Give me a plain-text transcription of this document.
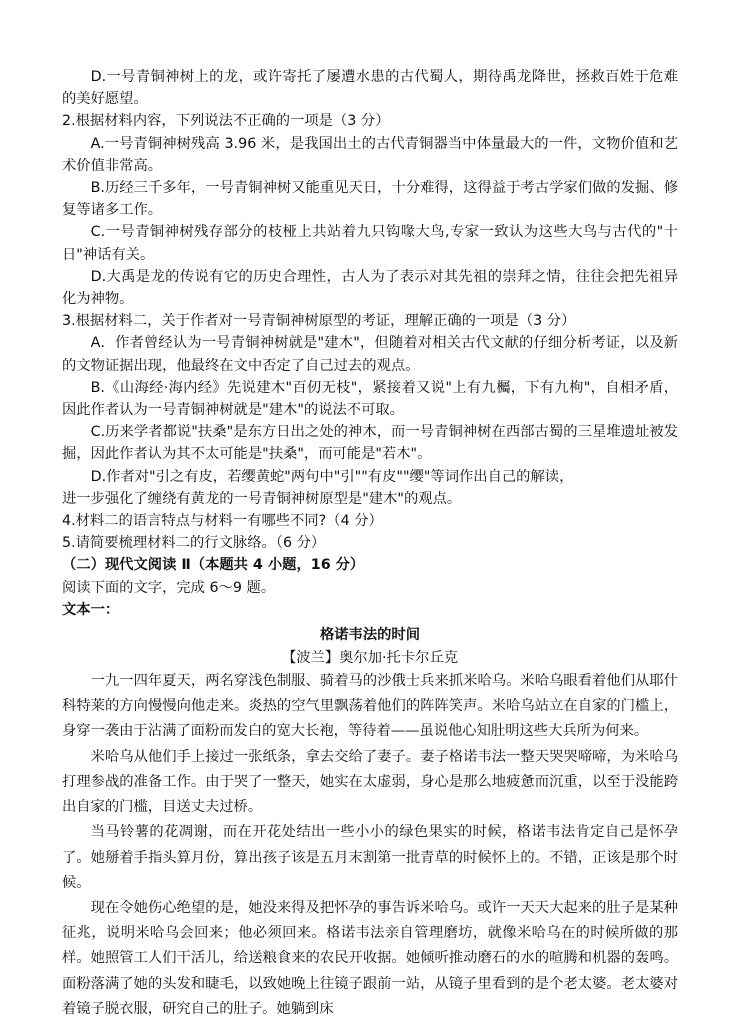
D.一号青铜神树上的龙，或许寄托了屡遭水患的古代蜀人，期待禹龙降世，拯救百姓于危难的美好愿望。

2.根据材料内容，下列说法不正确的一项是（3 分）

A.一号青铜神树残高 3.96 米，是我国出土的古代青铜器当中体量最大的一件，文物价值和艺术价值非常高。

B.历经三千多年，一号青铜神树又能重见天日，十分难得，这得益于考古学家们做的发掘、修复等诸多工作。

C.一号青铜神树残存部分的枝桠上共站着九只钩喙大鸟,专家一致认为这些大鸟与古代的"十日"神话有关。

D.大禹是龙的传说有它的历史合理性，古人为了表示对其先祖的崇拜之情，往往会把先祖异化为神物。

3.根据材料二，关于作者对一号青铜神树原型的考证，理解正确的一项是（3 分）

A．作者曾经认为一号青铜神树就是"建木"，但随着对相关古代文献的仔细分析考证，以及新的文物证据出现，他最终在文中否定了自己过去的观点。

B.《山海经·海内经》先说建木"百仞无枝"，紧接着又说"上有九欘，下有九枸"，自相矛盾，因此作者认为一号青铜神树就是"建木"的说法不可取。

C.历来学者都说"扶桑"是东方日出之处的神木，而一号青铜神树在西部古蜀的三星堆遗址被发掘，因此作者认为其不太可能是"扶桑"，而可能是"若木"。

D.作者对"引之有皮，若缨黄蛇"两句中"引""有皮""缨"等词作出自己的解读，

进一步强化了缠绕有黄龙的一号青铜神树原型是"建木"的观点。

4.材料二的语言特点与材料一有哪些不同?（4 分）

5.请简要梳理材料二的行文脉络。（6 分）

（二）现代文阅读 Ⅱ（本题共 4 小题，16 分）

阅读下面的文字，完成 6～9 题。

文本一：

格诺韦法的时间

【波兰】奥尔加·托卡尔丘克

一九一四年夏天，两名穿浅色制服、骑着马的沙俄士兵来抓米哈乌。米哈乌眼看着他们从耶什科特莱的方向慢慢向他走来。炎热的空气里飘荡着他们的阵阵笑声。米哈乌站立在自家的门槛上，身穿一袭由于沾满了面粉而发白的宽大长袍，等待着——虽说他心知肚明这些大兵所为何来。

米哈乌从他们手上接过一张纸条，拿去交给了妻子。妻子格诺韦法一整天哭哭啼啼，为米哈乌打理参战的准备工作。由于哭了一整天，她实在太虚弱，身心是那么地疲惫而沉重，以至于没能跨出自家的门槛，目送丈夫过桥。

当马铃薯的花凋谢，而在开花处结出一些小小的绿色果实的时候，格诺韦法肯定自己是怀孕了。她掰着手指头算月份，算出孩子该是五月末割第一批青草的时候怀上的。不错，正该是那个时候。

现在令她伤心绝望的是，她没来得及把怀孕的事告诉米哈乌。或许一天天大起来的肚子是某种征兆，说明米哈乌会回来；他必须回来。格诺韦法亲自管理磨坊，就像米哈乌在的时候所做的那样。她照管工人们干活儿，给送粮食来的农民开收据。她倾听推动磨石的水的喧腾和机器的轰鸣。面粉落满了她的头发和睫毛，以致她晚上往镜子跟前一站，从镜子里看到的是个老太婆。老太婆对着镜子脱衣服，研究自己的肚子。她躺到床
